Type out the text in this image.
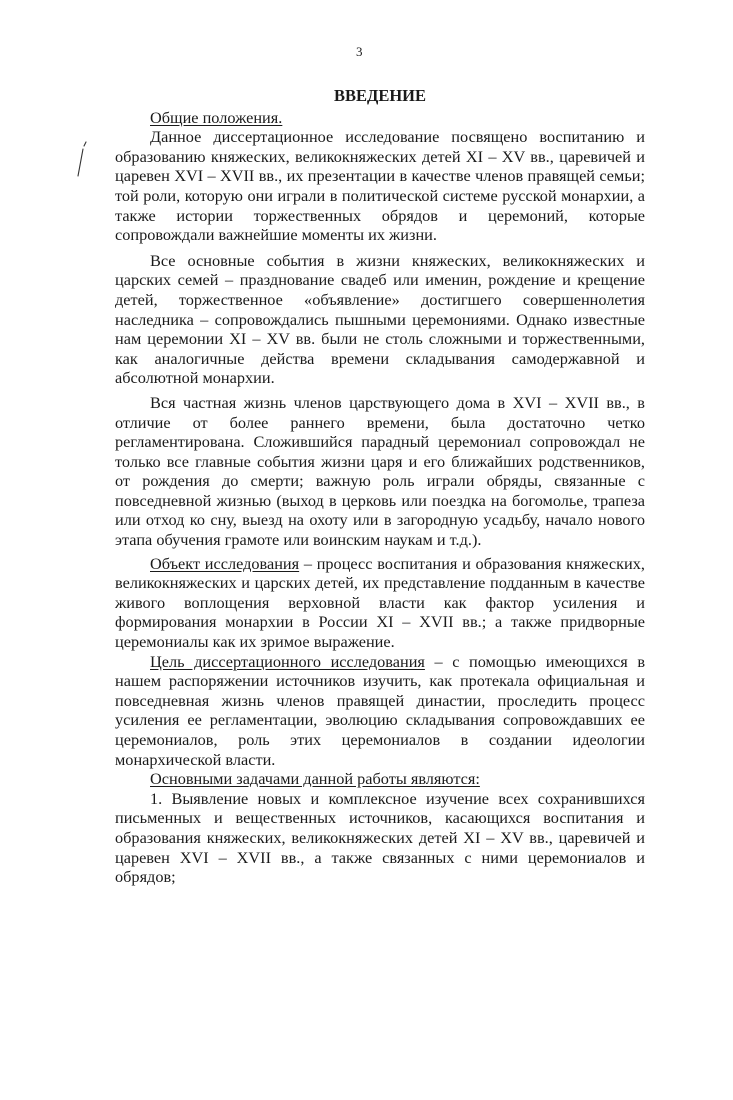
3
ВВЕДЕНИЕ

Общие положения.

Данное диссертационное исследование посвящено воспитанию и образованию княжеских, великокняжеских детей XI – XV вв., царевичей и царевен XVI – XVII вв., их презентации в качестве членов правящей семьи; той роли, которую они играли в политической системе русской монархии, а также истории торжественных обрядов и церемоний, которые сопровождали важнейшие моменты их жизни.

Все основные события в жизни княжеских, великокняжеских и царских семей – празднование свадеб или именин, рождение и крещение детей, торжественное «объявление» достигшего совершеннолетия наследника – сопровождались пышными церемониями. Однако известные нам церемонии XI – XV вв. были не столь сложными и торжественными, как аналогичные действа времени складывания самодержавной и абсолютной монархии.

Вся частная жизнь членов царствующего дома в XVI – XVII вв., в отличие от более раннего времени, была достаточно четко регламентирована. Сложившийся парадный церемониал сопровождал не только все главные события жизни царя и его ближайших родственников, от рождения до смерти; важную роль играли обряды, связанные с повседневной жизнью (выход в церковь или поездка на богомолье, трапеза или отход ко сну, выезд на охоту или в загородную усадьбу, начало нового этапа обучения грамоте или воинским наукам и т.д.).

Объект исследования – процесс воспитания и образования княжеских, великокняжеских и царских детей, их представление подданным в качестве живого воплощения верховной власти как фактор усиления и формирования монархии в России XI – XVII вв.; а также придворные церемониалы как их зримое выражение.

Цель диссертационного исследования – с помощью имеющихся в нашем распоряжении источников изучить, как протекала официальная и повседневная жизнь членов правящей династии, проследить процесс усиления ее регламентации, эволюцию складывания сопровождавших ее церемониалов, роль этих церемониалов в создании идеологии монархической власти.

Основными задачами данной работы являются:

1. Выявление новых и комплексное изучение всех сохранившихся письменных и вещественных источников, касающихся воспитания и образования княжеских, великокняжеских детей XI – XV вв., царевичей и царевен XVI – XVII вв., а также связанных с ними церемониалов и обрядов;
